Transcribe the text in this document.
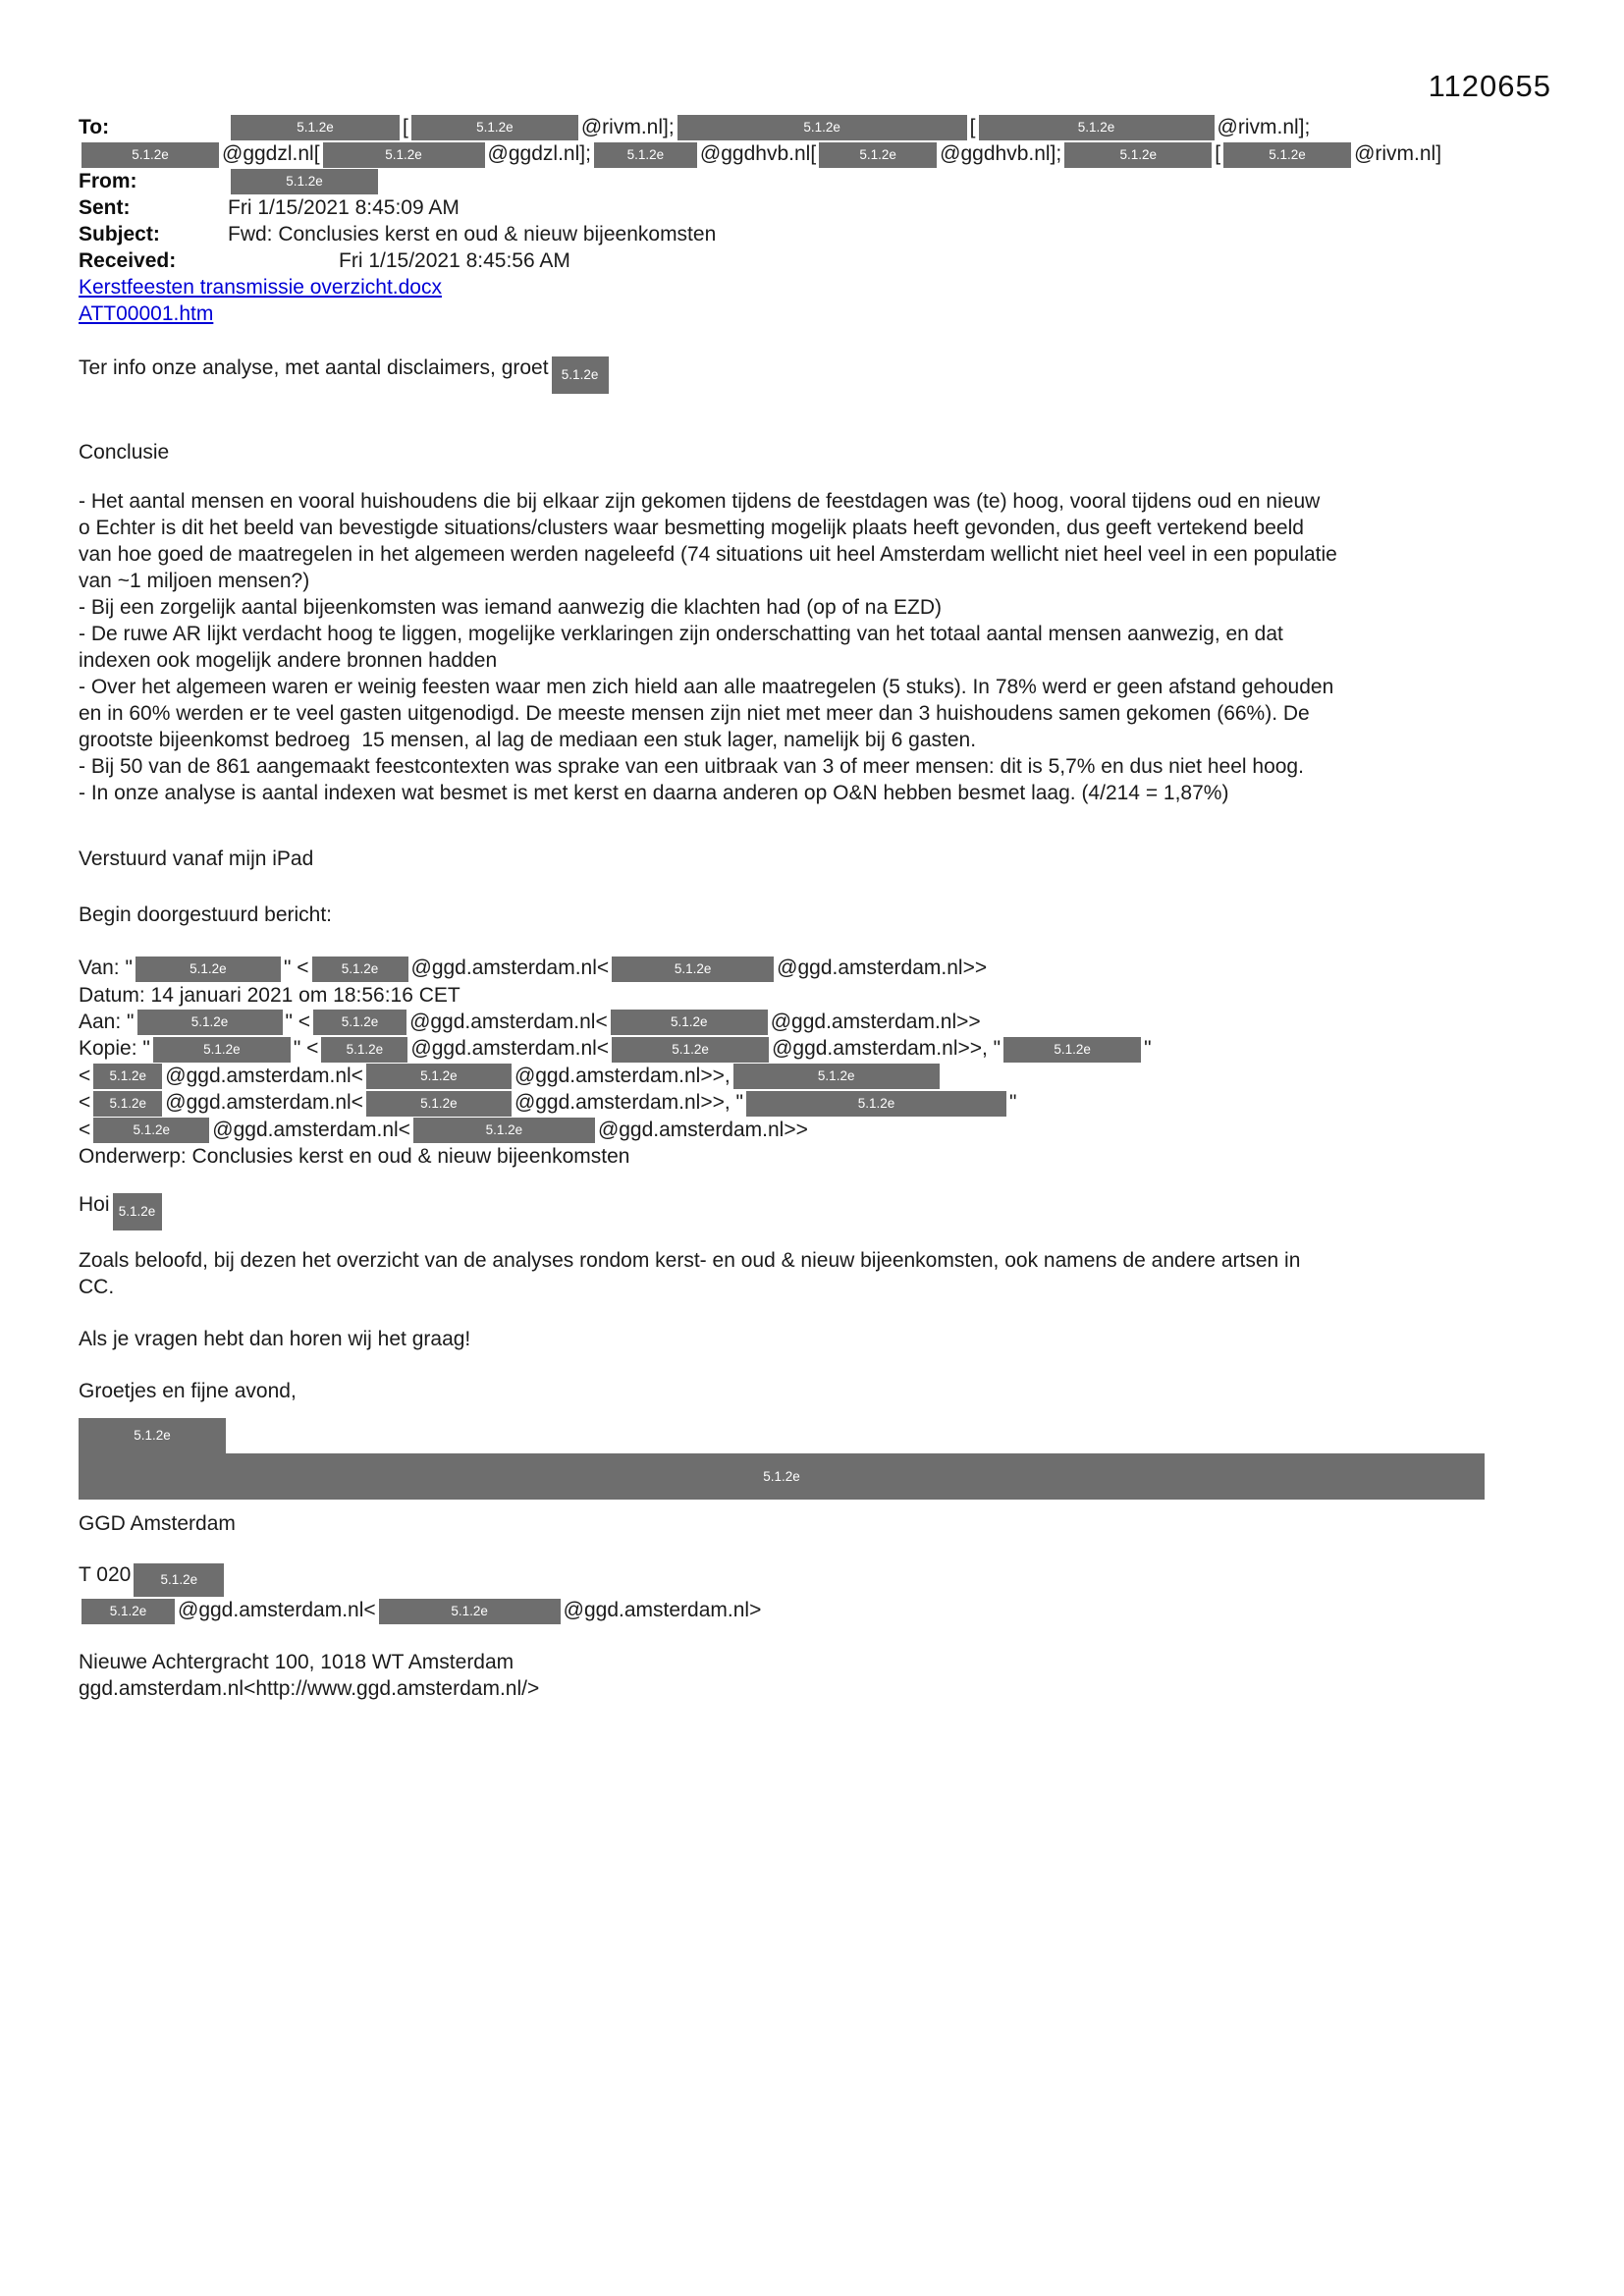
1120655
To:	5.1.2e	[	5.1.2e	@rivm.nl];	5.1.2e	[	5.1.2e	@rivm.nl];
5.1.2e	@ggdzl.nl[	5.1.2e	@ggdzl.nl];	5.1.2e @ggdhvb.nl[	5.1.2e @ggdhvb.nl];	5.1.2e	[	5.1.2e @rivm.nl]
From:	5.1.2e
Sent:	Fri 1/15/2021 8:45:09 AM
Subject:	Fwd: Conclusies kerst en oud & nieuw bijeenkomsten
Received:	Fri 1/15/2021 8:45:56 AM
Kerstfeesten transmissie overzicht.docx
ATT00001.htm
Ter info onze analyse, met aantal disclaimers, groet 5.1.2e
Conclusie
- Het aantal mensen en vooral huishoudens die bij elkaar zijn gekomen tijdens de feestdagen was (te) hoog, vooral tijdens oud en nieuw
o Echter is dit het beeld van bevestigde situations/clusters waar besmetting mogelijk plaats heeft gevonden, dus geeft vertekend beeld
van hoe goed de maatregelen in het algemeen werden nageleefd (74 situations uit heel Amsterdam wellicht niet heel veel in een populatie
van ~1 miljoen mensen?)
- Bij een zorgelijk aantal bijeenkomsten was iemand aanwezig die klachten had (op of na EZD)
- De ruwe AR lijkt verdacht hoog te liggen, mogelijke verklaringen zijn onderschatting van het totaal aantal mensen aanwezig, en dat
indexen ook mogelijk andere bronnen hadden
- Over het algemeen waren er weinig feesten waar men zich hield aan alle maatregelen (5 stuks). In 78% werd er geen afstand gehouden
en in 60% werden er te veel gasten uitgenodigd. De meeste mensen zijn niet met meer dan 3 huishoudens samen gekomen (66%). De
grootste bijeenkomst bedroeg  15 mensen, al lag de mediaan een stuk lager, namelijk bij 6 gasten.
- Bij 50 van de 861 aangemaakt feestcontexten was sprake van een uitbraak van 3 of meer mensen: dit is 5,7% en dus niet heel hoog.
- In onze analyse is aantal indexen wat besmet is met kerst en daarna anderen op O&N hebben besmet laag. (4/214 = 1,87%)
Verstuurd vanaf mijn iPad
Begin doorgestuurd bericht:
Van: "	5.1.2e	" < 5.1.2e @ggd.amsterdam.nl<	5.1.2e	@ggd.amsterdam.nl>>
Datum: 14 januari 2021 om 18:56:16 CET
Aan: "	5.1.2e	" < 5.1.2e @ggd.amsterdam.nl<	5.1.2e	@ggd.amsterdam.nl>>
Kopie: "	5.1.2e	" < 5.1.2e @ggd.amsterdam.nl<	5.1.2e	@ggd.amsterdam.nl>>, "	5.1.2e	"
< 5.1.2e @ggd.amsterdam.nl<	5.1.2e	@ggd.amsterdam.nl>>,	5.1.2e
< 5.1.2e @ggd.amsterdam.nl<	5.1.2e	@ggd.amsterdam.nl>>, "	5.1.2e	"
<	5.1.2e @ggd.amsterdam.nl<	5.1.2e	@ggd.amsterdam.nl>>
Onderwerp: Conclusies kerst en oud & nieuw bijeenkomsten
Hoi 5.1.2e
Zoals beloofd, bij dezen het overzicht van de analyses rondom kerst- en oud & nieuw bijeenkomsten, ook namens de andere artsen in
CC.
Als je vragen hebt dan horen wij het graag!
Groetjes en fijne avond,
5.1.2e
5.1.2e
GGD Amsterdam
T 020 5.1.2e
5.1.2e @ggd.amsterdam.nl<	5.1.2e	@ggd.amsterdam.nl>
Nieuwe Achtergracht 100, 1018 WT Amsterdam
ggd.amsterdam.nl<http://www.ggd.amsterdam.nl/>
